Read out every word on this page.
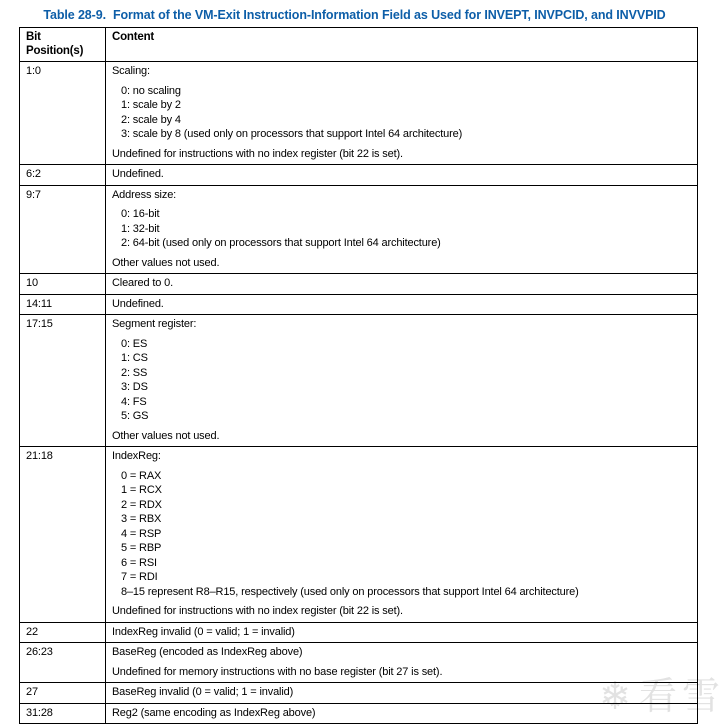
Table 28-9. Format of the VM-Exit Instruction-Information Field as Used for INVEPT, INVPCID, and INVVPID
Bit Position(s)	Content

1:0	Scaling:
0: no scaling
1: scale by 2
2: scale by 4
3: scale by 8 (used only on processors that support Intel 64 architecture)
Undefined for instructions with no index register (bit 22 is set).

6:2	Undefined.

9:7	Address size:
0: 16-bit
1: 32-bit
2: 64-bit (used only on processors that support Intel 64 architecture)
Other values not used.

10	Cleared to 0.

14:11	Undefined.

17:15	Segment register:
0: ES
1: CS
2: SS
3: DS
4: FS
5: GS
Other values not used.

21:18	IndexReg:
0 = RAX
1 = RCX
2 = RDX
3 = RBX
4 = RSP
5 = RBP
6 = RSI
7 = RDI
8–15 represent R8–R15, respectively (used only on processors that support Intel 64 architecture)
Undefined for instructions with no index register (bit 22 is set).

22	IndexReg invalid (0 = valid; 1 = invalid)

26:23	BaseReg (encoded as IndexReg above)
Undefined for memory instructions with no base register (bit 27 is set).

27	BaseReg invalid (0 = valid; 1 = invalid)

31:28	Reg2 (same encoding as IndexReg above)	❄ 看雪
